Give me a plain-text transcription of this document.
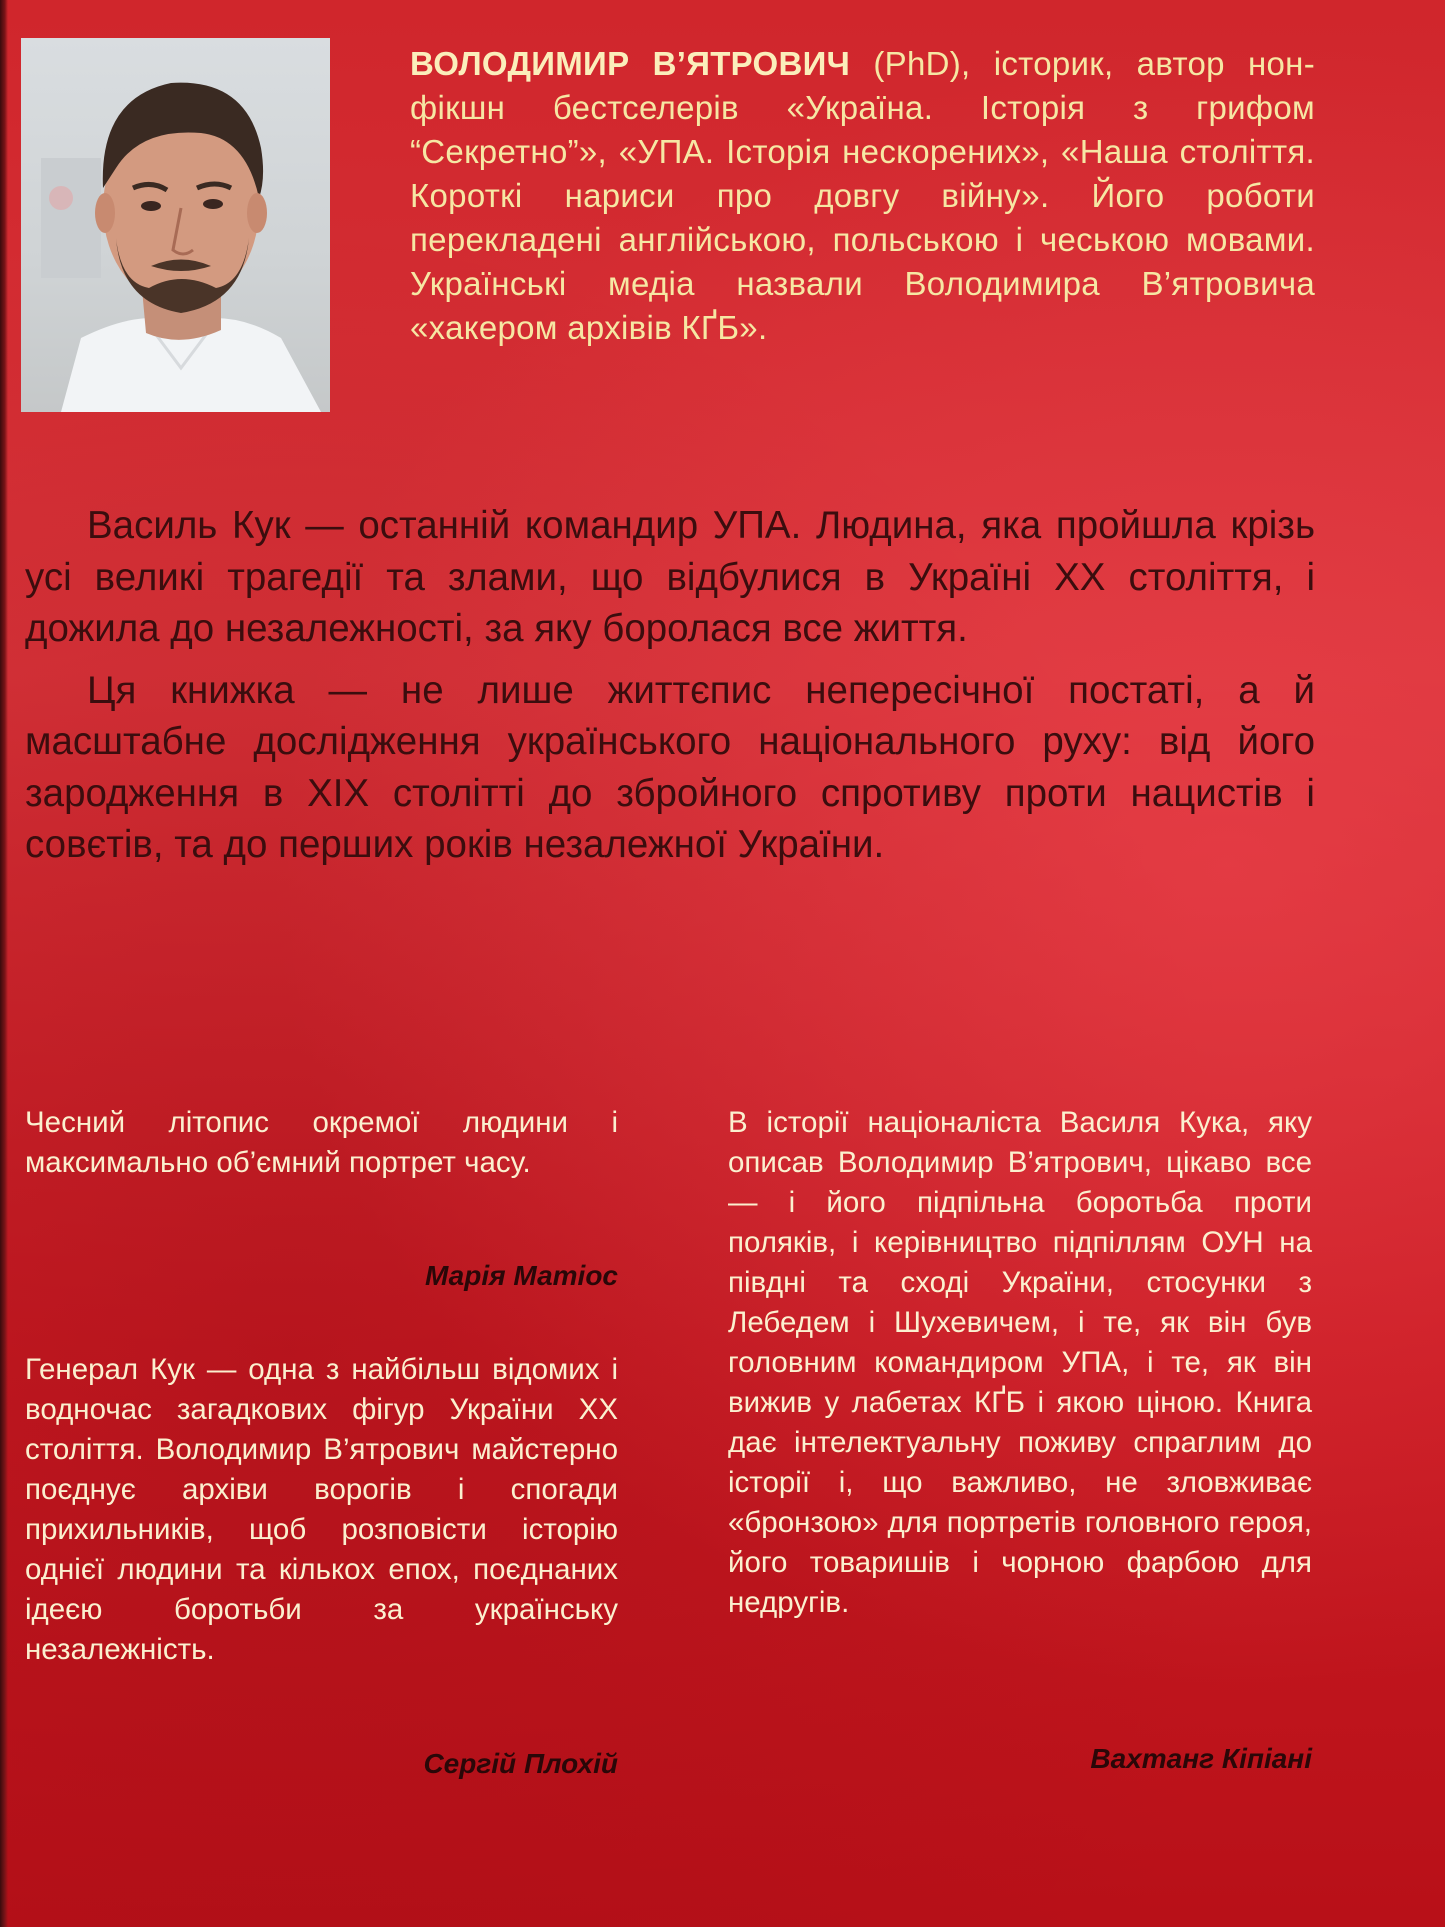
ВОЛОДИМИР В’ЯТРОВИЧ (PhD), історик, автор нон-фікшн бестселерів «Україна. Історія з грифом “Секретно”», «УПА. Історія нескорених», «Наша століття. Короткі нариси про довгу війну». Його роботи перекладені англійською, польською і чеською мовами. Українські медіа назвали Володимира В’ятровича «хакером архівів КҐБ».

Василь Кук — останній командир УПА. Людина, яка пройшла крізь усі великі трагедії та злами, що відбулися в Україні XX століття, і дожила до незалежності, за яку боролася все життя.

Ця книжка — не лише життєпис непересічної постаті, а й масштабне дослідження українського національного руху: від його зародження в XIX столітті до збройного спротиву проти нацистів і совєтів, та до перших років незалежної України.

Чесний літопис окремої людини і максимально об’ємний портрет часу.

Марія Матіос

Генерал Кук — одна з найбільш відомих і водночас загадкових фігур України XX століття. Володимир В’ятрович майстерно поєднує архіви ворогів і спогади прихильників, щоб розповісти історію однієї людини та кількох епох, поєднаних ідеєю боротьби за українську незалежність.

Сергій Плохій

В історії націоналіста Василя Кука, яку описав Володимир В’ятрович, цікаво все — і його підпільна боротьба проти поляків, і керівництво підпіллям ОУН на півдні та сході України, стосунки з Лебедем і Шухевичем, і те, як він був головним командиром УПА, і те, як він вижив у лабетах КҐБ і якою ціною. Книга дає інтелектуальну поживу спраглим до історії і, що важливо, не зловживає «бронзою» для портретів головного героя, його товаришів і чорною фарбою для недругів.

Вахтанг Кіпіані
